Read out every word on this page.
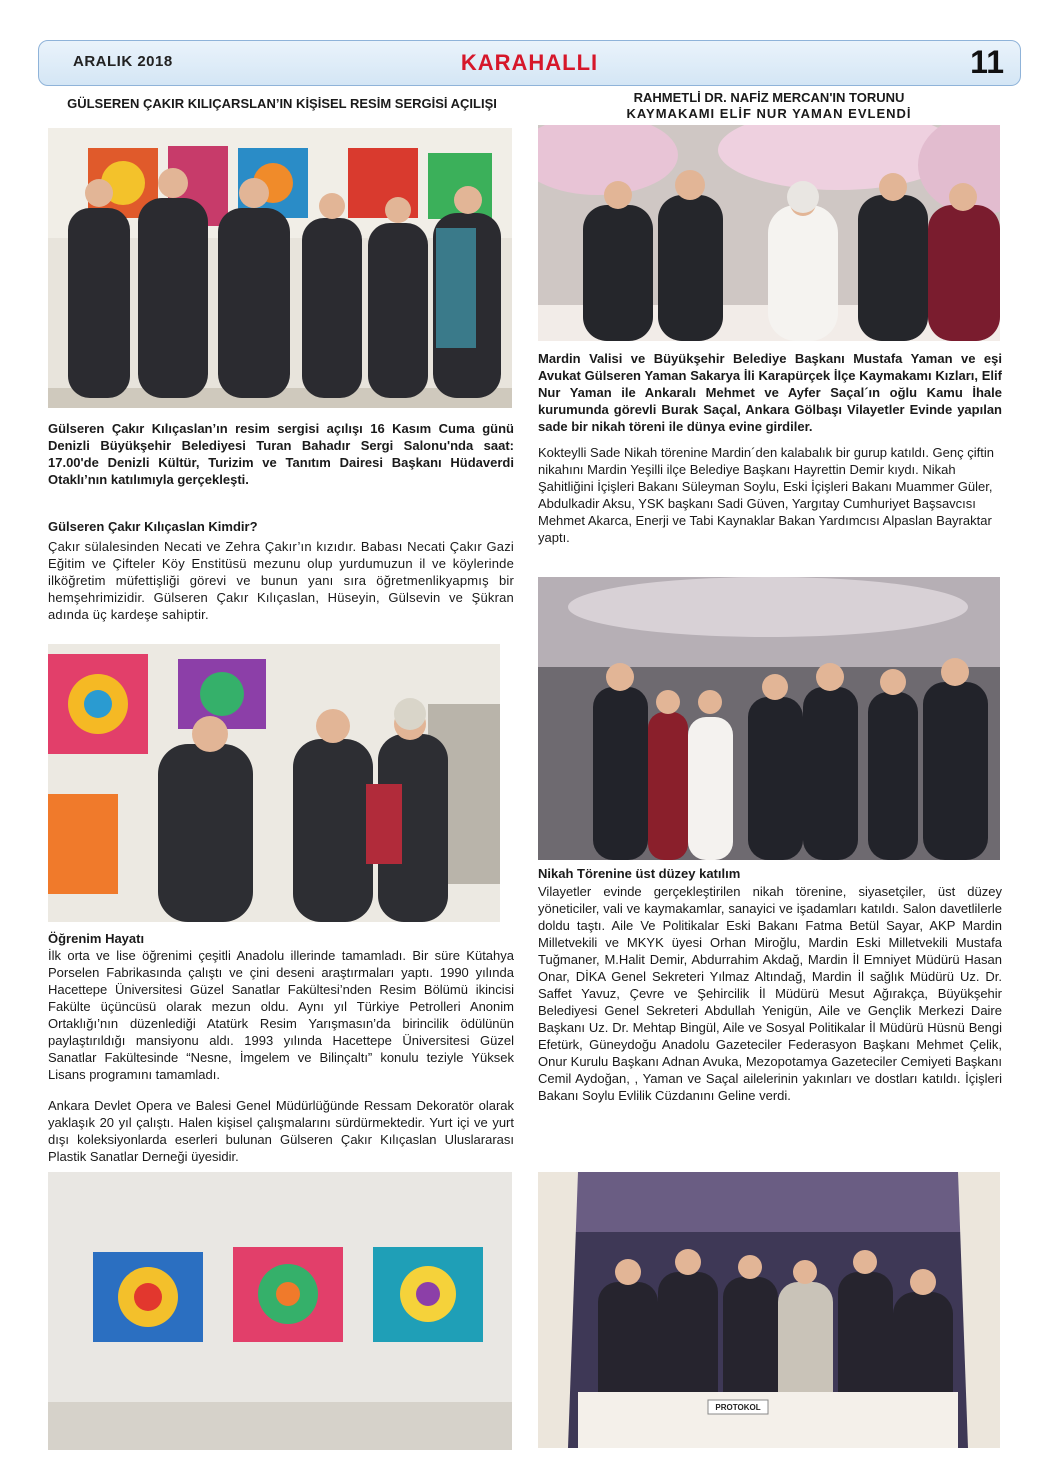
ARALIK 2018	KARAHALLI	11
GÜLSEREN ÇAKIR KILIÇARSLAN’IN KİŞİSEL RESİM SERGİSİ AÇILIŞI
Gülseren Çakır Kılıçaslan’ın resim sergisi açılışı 16 Kasım Cuma günü Denizli Büyükşehir Belediyesi Turan Bahadır Sergi Salonu'nda saat: 17.00'de Denizli Kültür, Turizim ve Tanıtım Dairesi Başkanı Hüdaverdi Otaklı’nın katılımıyla gerçekleşti.
Gülseren Çakır Kılıçaslan Kimdir?
Çakır sülalesinden Necati ve Zehra Çakır’ın kızıdır. Babası Necati Çakır Gazi Eğitim ve Çifteler Köy Enstitüsü mezunu olup yurdumuzun il ve köylerinde ilköğretim müfettişliği görevi ve bunun yanı sıra öğretmenlikyapmış bir hemşehrimizidir. Gülseren Çakır Kılıçaslan, Hüseyin, Gülsevin ve Şükran adında üç kardeşe sahiptir.
Öğrenim Hayatı
İlk orta ve lise öğrenimi çeşitli Anadolu illerinde tamamladı. Bir süre Kütahya Porselen Fabrikasında çalıştı ve çini deseni araştırmaları yaptı. 1990 yılında Hacettepe Üniversitesi Güzel Sanatlar Fakültesi’nden Resim Bölümü ikincisi Fakülte üçüncüsü olarak mezun oldu. Aynı yıl Türkiye Petrolleri Anonim Ortaklığı’nın düzenlediği Atatürk Resim Yarışmasın’da birincilik ödülünün paylaştırıldığı mansiyonu aldı. 1993 yılında Hacettepe Üniversitesi Güzel Sanatlar Fakültesinde “Nesne, İmgelem ve Bilinçaltı” konulu teziyle Yüksek Lisans programını tamamladı.
Ankara Devlet Opera ve Balesi Genel Müdürlüğünde Ressam Dekoratör olarak yaklaşık 20 yıl çalıştı. Halen kişisel çalışmalarını sürdürmektedir. Yurt içi ve yurt dışı koleksiyonlarda eserleri bulunan Gülseren Çakır Kılıçaslan Uluslararası Plastik Sanatlar Derneği üyesidir.
RAHMETLİ DR. NAFİZ MERCAN'IN TORUNU
KAYMAKAMI ELİF NUR YAMAN EVLENDİ
Mardin Valisi ve Büyükşehir Belediye Başkanı Mustafa Yaman ve eşi Avukat Gülseren Yaman Sakarya İli Karapürçek İlçe Kaymakamı Kızları, Elif Nur Yaman ile Ankaralı Mehmet ve Ayfer Saçal´ın oğlu Kamu İhale kurumunda görevli Burak Saçal, Ankara Gölbaşı Vilayetler Evinde yapılan sade bir nikah töreni ile dünya evine girdiler.
Kokteylli Sade Nikah törenine Mardin´den kalabalık bir gurup katıldı. Genç çiftin nikahını Mardin Yeşilli ilçe Belediye Başkanı Hayrettin Demir kıydı. Nikah Şahitliğini İçişleri Bakanı Süleyman Soylu, Eski İçişleri Bakanı Muammer Güler, Abdulkadir Aksu, YSK başkanı Sadi Güven, Yargıtay Cumhuriyet Başsavcısı Mehmet Akarca, Enerji ve Tabi Kaynaklar Bakan Yardımcısı Alpaslan Bayraktar yaptı.
Nikah Törenine üst düzey katılım
Vilayetler evinde gerçekleştirilen nikah törenine, siyasetçiler, üst düzey yöneticiler, vali ve kaymakamlar, sanayici ve işadamları katıldı. Salon davetlilerle doldu taştı. Aile Ve Politikalar Eski Bakanı Fatma Betül Sayar, AKP Mardin Milletvekili ve MKYK üyesi Orhan Miroğlu, Mardin Eski Milletvekili Mustafa Tuğmaner, M.Halit Demir, Abdurrahim Akdağ, Mardin İl Emniyet Müdürü Hasan Onar, DİKA Genel Sekreteri Yılmaz Altındağ, Mardin İl sağlık Müdürü Uz. Dr. Saffet Yavuz, Çevre ve Şehircilik İl Müdürü Mesut Ağırakça, Büyükşehir Belediyesi Genel Sekreteri Abdullah Yenigün, Aile ve Gençlik Merkezi Daire Başkanı Uz. Dr. Mehtap Bingül, Aile ve Sosyal Politikalar İl Müdürü Hüsnü Bengi Efetürk, Güneydoğu Anadolu Gazeteciler Federasyon Başkanı Mehmet Çelik, Onur Kurulu Başkanı Adnan Avuka, Mezopotamya Gazeteciler Cemiyeti Başkanı Cemil Aydoğan, , Yaman ve Saçal ailelerinin yakınları ve dostları katıldı. İçişleri Bakanı Soylu Evlilik Cüzdanını Geline verdi.
PROTOKOL
